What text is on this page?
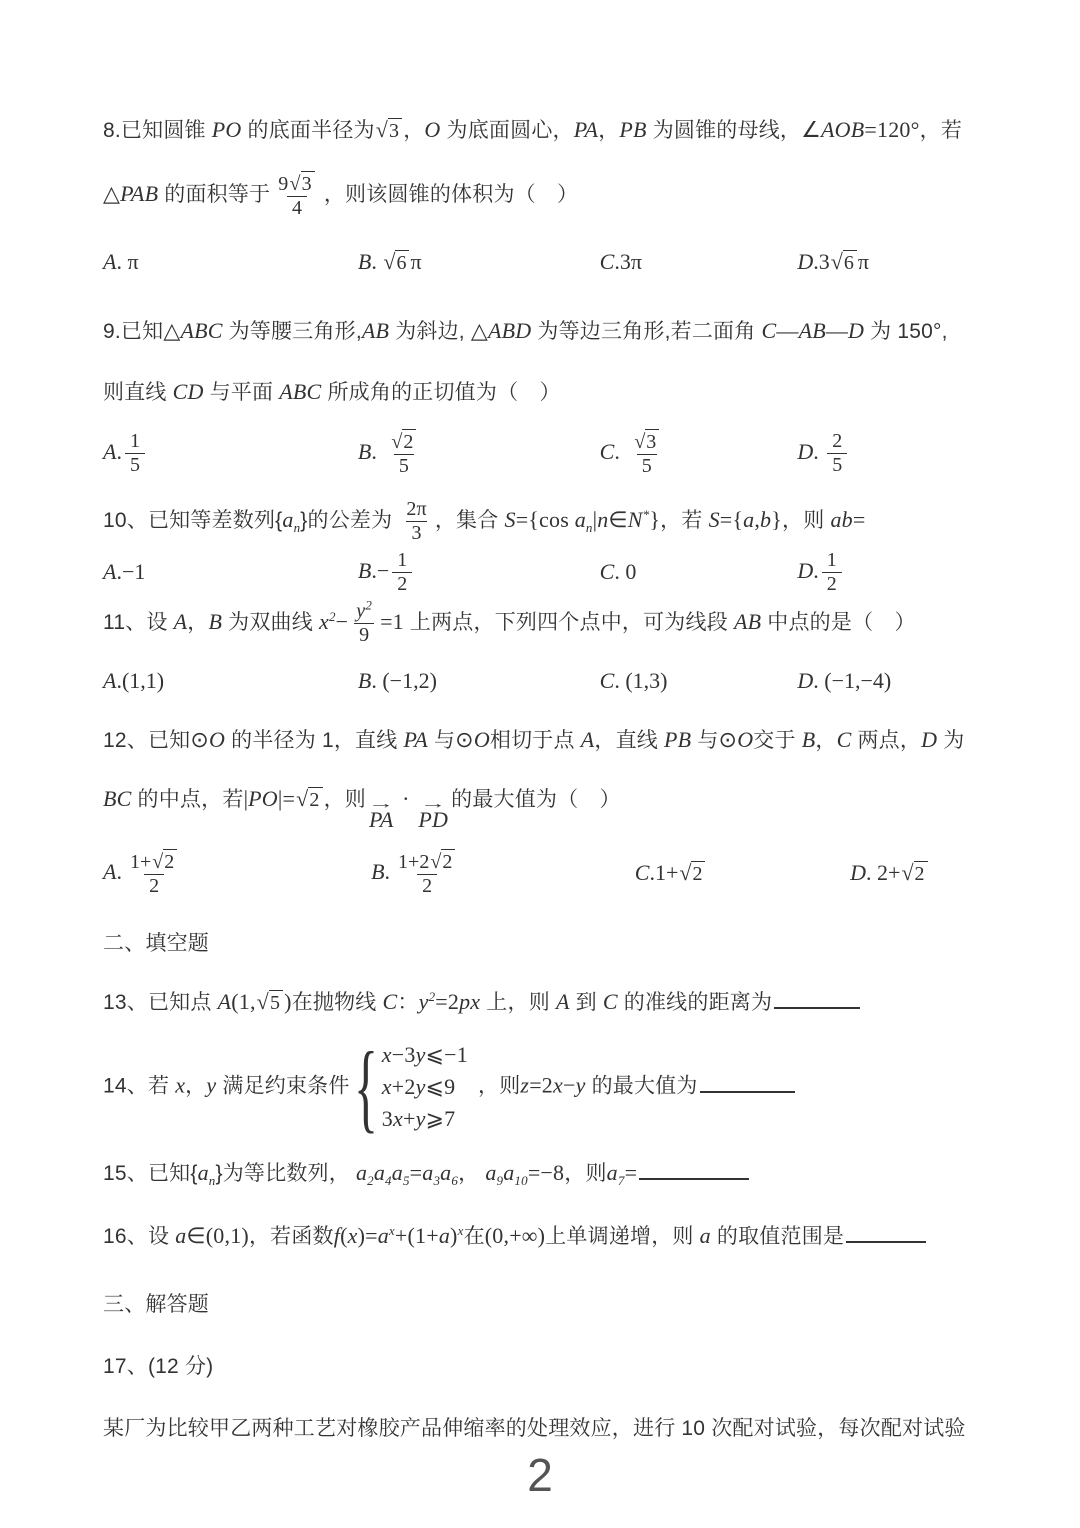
8.已知圆锥 PO 的底面半径为 √ 3 ，O 为底面圆心，PA，PB 为圆锥的母线，∠AOB=120°，若
△PAB 的面积等于 $\frac{9 √ 3}{4}$ ，则该圆锥的体积为（　）
A. π	B. √ 6 π	C.3π	D.3 √ 6 π
9.已知△ABC 为等腰三角形,AB 为斜边, △ABD 为等边三角形,若二面角 C—AB—D 为 150°,
则直线 CD 与平面 ABC 所成角的正切值为（　）
A. $\frac{1}{5}$	B. $\frac{√ 2}{5}$	C. $\frac{√ 3}{5}$	D. $\frac{2}{5}$
10、已知等差数列$\{a_n\}$的公差为 $\frac{2\pi}{3}$ ，集合 S={cos $a_n|n\in N^*$}，若 S={a,b}，则 ab=
A.−1	$B.- \frac{1}{2}$	C. 0	D. $\frac{1}{2}$
11、设 A，B 为双曲线 $x^2- \frac{y^2}{9} =1$ 上两点，下列四个点中，可为线段 AB 中点的是（　）
A.(1,1)	B. (−1,2)	C. (1,3)	D. (−1,−4)
12、已知⊙O 的半径为 1，直线 PA 与⊙O相切于点 A，直线 PB 与⊙O交于 B，C 两点，D 为
BC 的中点，若|PO|= √ 2 ，则 →
PA
· →
PD
的最大值为（　）
A. $\frac{1+ √ 2}{2}$	B. $\frac{1+2 √ 2}{2}$	C.1+ √ 2	D. 2+ √ 2
二、填空题
13、已知点 A(1, √ 5 )在抛物线 C：$y^2=2px$ 上，则 A 到 C 的准线的距离为
14、若 x，y 满足约束条件 { x−3y⩽−1
x+2y⩽9
3x+y⩾7
，则z=2x−y 的最大值为
15、已知$\{a_n\}$为等比数列， $a_2a_4a_5=a_3a_6$， $a_9a_{10}=-8$，则$a_7=$
16、设 a∈(0,1)，若函数$f(x)=a^x+(1+a)^x$在(0,+∞)上单调递增，则 a 的取值范围是
三、解答题
17、(12 分)
某厂为比较甲乙两种工艺对橡胶产品伸缩率的处理效应，进行 10 次配对试验，每次配对试验
2
